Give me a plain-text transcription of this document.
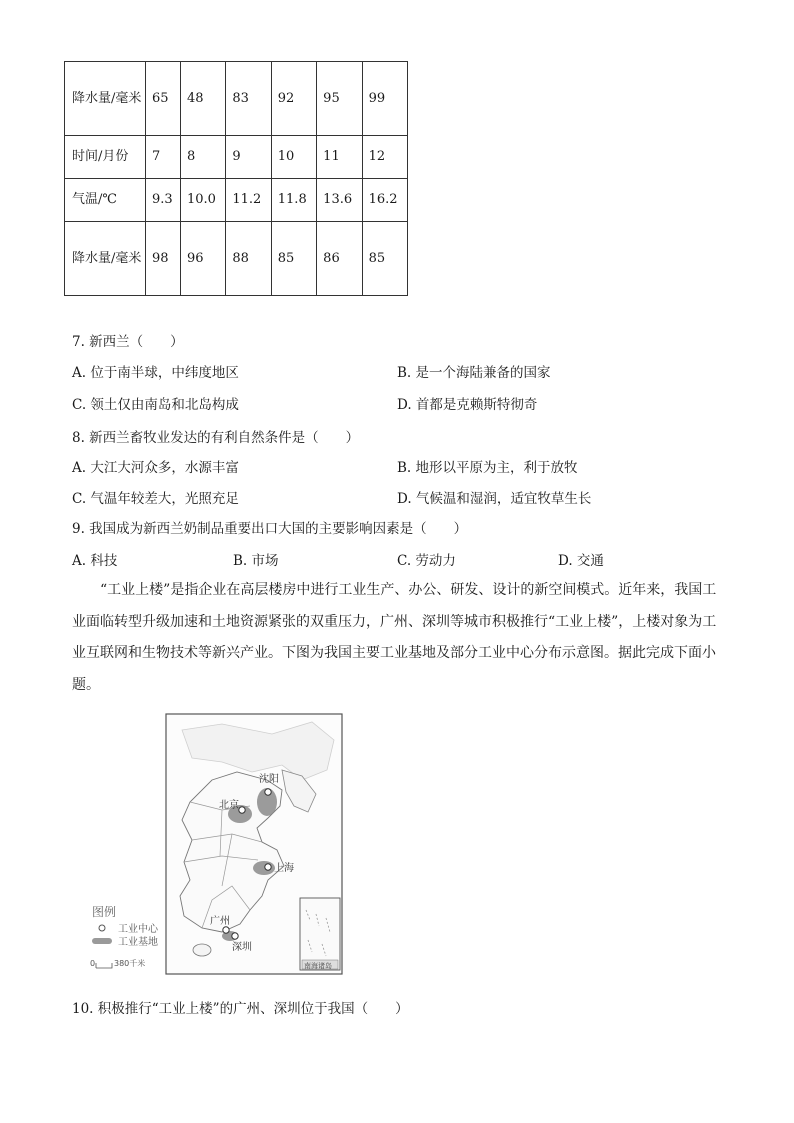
降水量/毫米	65	48	83	92	95	99
时间/月份	7	8	9	10	11	12
气温/℃	9.3	10.0	11.2	11.8	13.6	16.2
降水量/毫米	98	96	88	85	86	85
7. 新西兰（　　）
A. 位于南半球，中纬度地区	B. 是一个海陆兼备的国家
C. 领土仅由南岛和北岛构成	D. 首都是克赖斯特彻奇
8. 新西兰畜牧业发达的有利自然条件是（　　）
A. 大江大河众多，水源丰富	B. 地形以平原为主，利于放牧
C. 气温年较差大，光照充足	D. 气候温和湿润，适宜牧草生长
9. 我国成为新西兰奶制品重要出口大国的主要影响因素是（　　）
A. 科技	B. 市场	C. 劳动力	D. 交通
“工业上楼”是指企业在高层楼房中进行工业生产、办公、研发、设计的新空间模式。近年来，我国工业面临转型升级加速和土地资源紧张的双重压力，广州、深圳等城市积极推行“工业上楼”，上楼对象为工业互联网和生物技术等新兴产业。下图为我国主要工业基地及部分工业中心分布示意图。据此完成下面小题。
北京
沈阳
上海
广州
深圳
南海诸岛
图例
工业中心
工业基地
0 380千米
10. 积极推行“工业上楼”的广州、深圳位于我国（　　）
